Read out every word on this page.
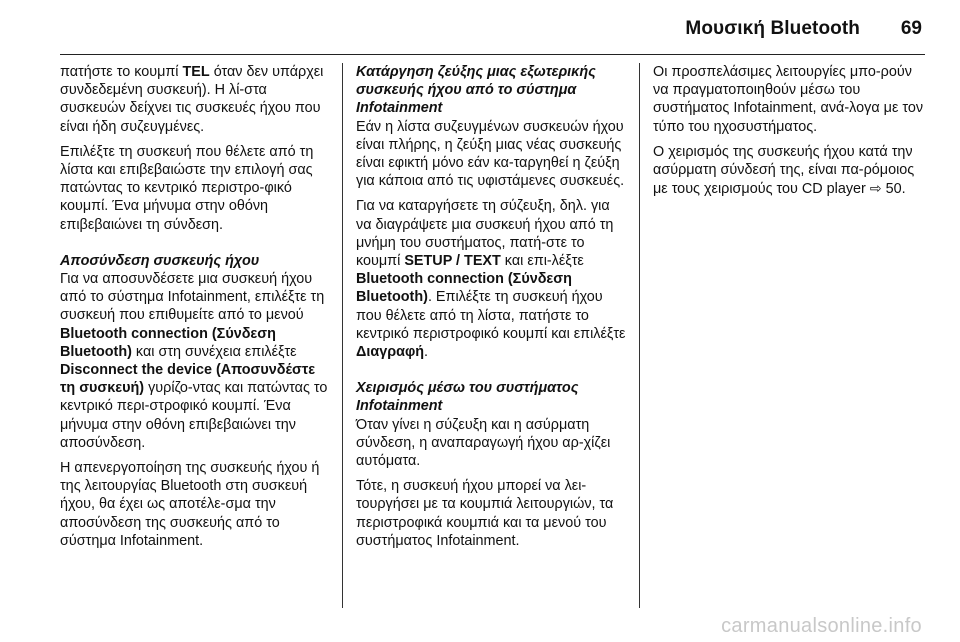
Μουσική Bluetooth 69

πατήστε το κουμπί TEL όταν δεν υπάρχει συνδεδεμένη συσκευή). Η λί-στα συσκευών δείχνει τις συσκευές ήχου που είναι ήδη συζευγμένες.

Επιλέξτε τη συσκευή που θέλετε από τη λίστα και επιβεβαιώστε την επιλογή σας πατώντας το κεντρικό περιστρο-φικό κουμπί. Ένα μήνυμα στην οθόνη επιβεβαιώνει τη σύνδεση.

Αποσύνδεση συσκευής ήχου

Για να αποσυνδέσετε μια συσκευή ήχου από το σύστημα Infotainment, επιλέξτε τη συσκευή που επιθυμείτε από το μενού Bluetooth connection (Σύνδεση Bluetooth) και στη συνέχεια επιλέξτε Disconnect the device (Αποσυνδέστε τη συσκευή) γυρίζο-ντας και πατώντας το κεντρικό περι-στροφικό κουμπί. Ένα μήνυμα στην οθόνη επιβεβαιώνει την αποσύνδεση.

Η απενεργοποίηση της συσκευής ήχου ή της λειτουργίας Bluetooth στη συσκευή ήχου, θα έχει ως αποτέλε-σμα την αποσύνδεση της συσκευής από το σύστημα Infotainment.

Κατάργηση ζεύξης μιας εξωτερικής συσκευής ήχου από το σύστημα Infotainment

Εάν η λίστα συζευγμένων συσκευών ήχου είναι πλήρης, η ζεύξη μιας νέας συσκευής είναι εφικτή μόνο εάν κα-ταργηθεί η ζεύξη για κάποια από τις υφιστάμενες συσκευές.

Για να καταργήσετε τη σύζευξη, δηλ. για να διαγράψετε μια συσκευή ήχου από τη μνήμη του συστήματος, πατή-στε το κουμπί SETUP / TEXT και επι-λέξτε Bluetooth connection (Σύνδεση Bluetooth). Επιλέξτε τη συσκευή ήχου που θέλετε από τη λίστα, πατήστε το κεντρικό περιστροφικό κουμπί και επιλέξτε Διαγραφή.

Χειρισμός μέσω του συστήματος Infotainment

Όταν γίνει η σύζευξη και η ασύρματη σύνδεση, η αναπαραγωγή ήχου αρ-χίζει αυτόματα.

Τότε, η συσκευή ήχου μπορεί να λει-τουργήσει με τα κουμπιά λειτουργιών, τα περιστροφικά κουμπιά και τα μενού του συστήματος Infotainment.

Οι προσπελάσιμες λειτουργίες μπο-ρούν να πραγματοποιηθούν μέσω του συστήματος Infotainment, ανά-λογα με τον τύπο του ηχοσυστήματος.

Ο χειρισμός της συσκευής ήχου κατά την ασύρματη σύνδεσή της, είναι πα-ρόμοιος με τους χειρισμούς του CD player ⇨ 50.

carmanualsonline.info
